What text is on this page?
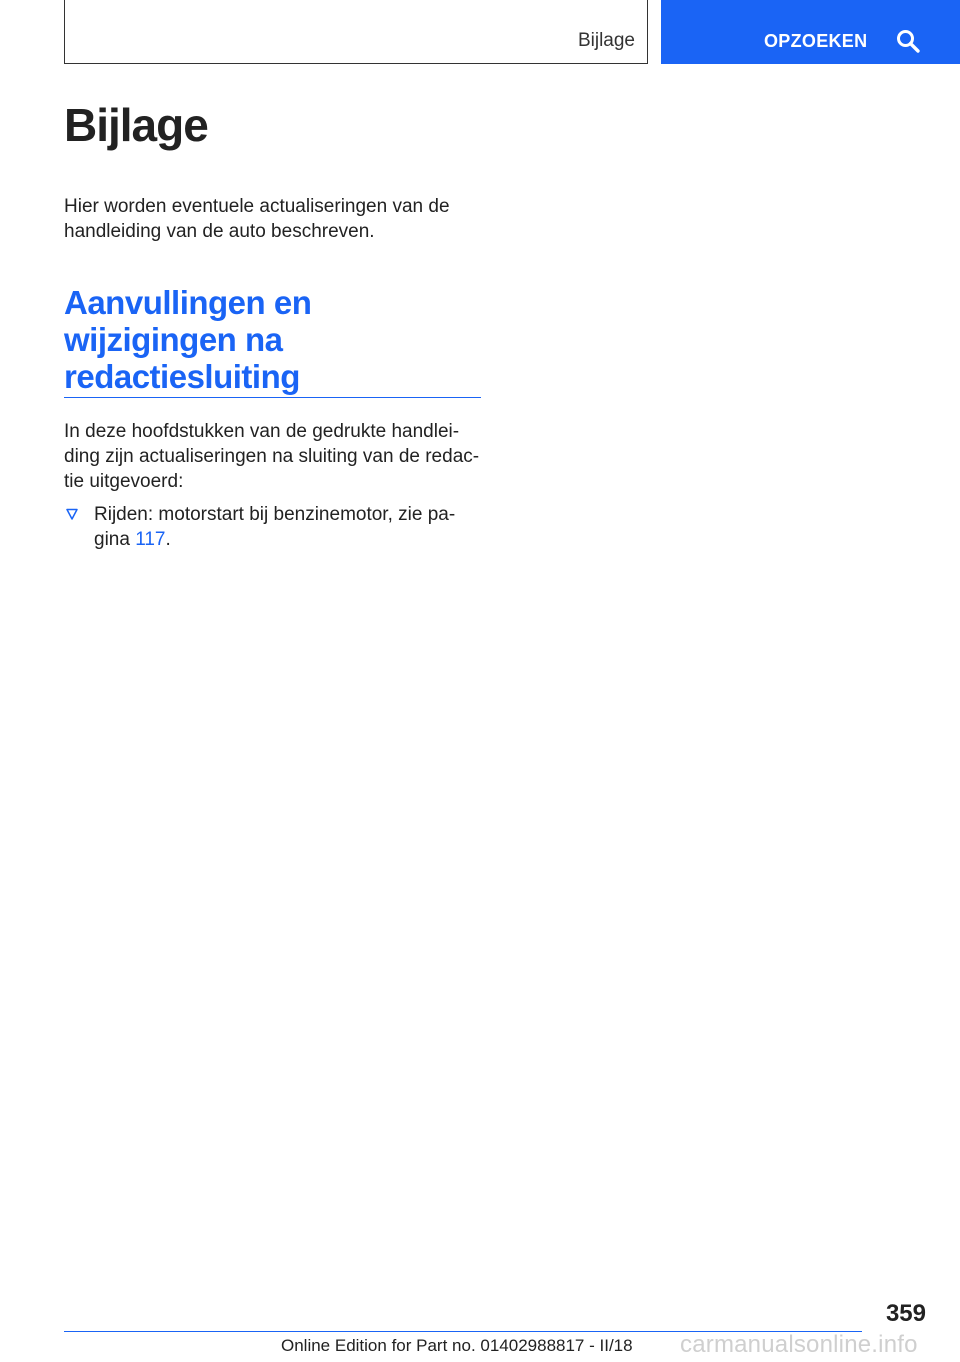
Bijlage	OPZOEKEN
Bijlage

Hier worden eventuele actualiseringen van de handleiding van de auto beschreven.

Aanvullingen en
wijzigingen na
redactiesluiting

In deze hoofdstukken van de gedrukte handlei-
ding zijn actualiseringen na sluiting van de redac-
tie uitgevoerd:

Rijden: motorstart bij benzinemotor, zie pa-
gina 117.
359
Online Edition for Part no. 01402988817 - II/18 carmanualsonline.info
